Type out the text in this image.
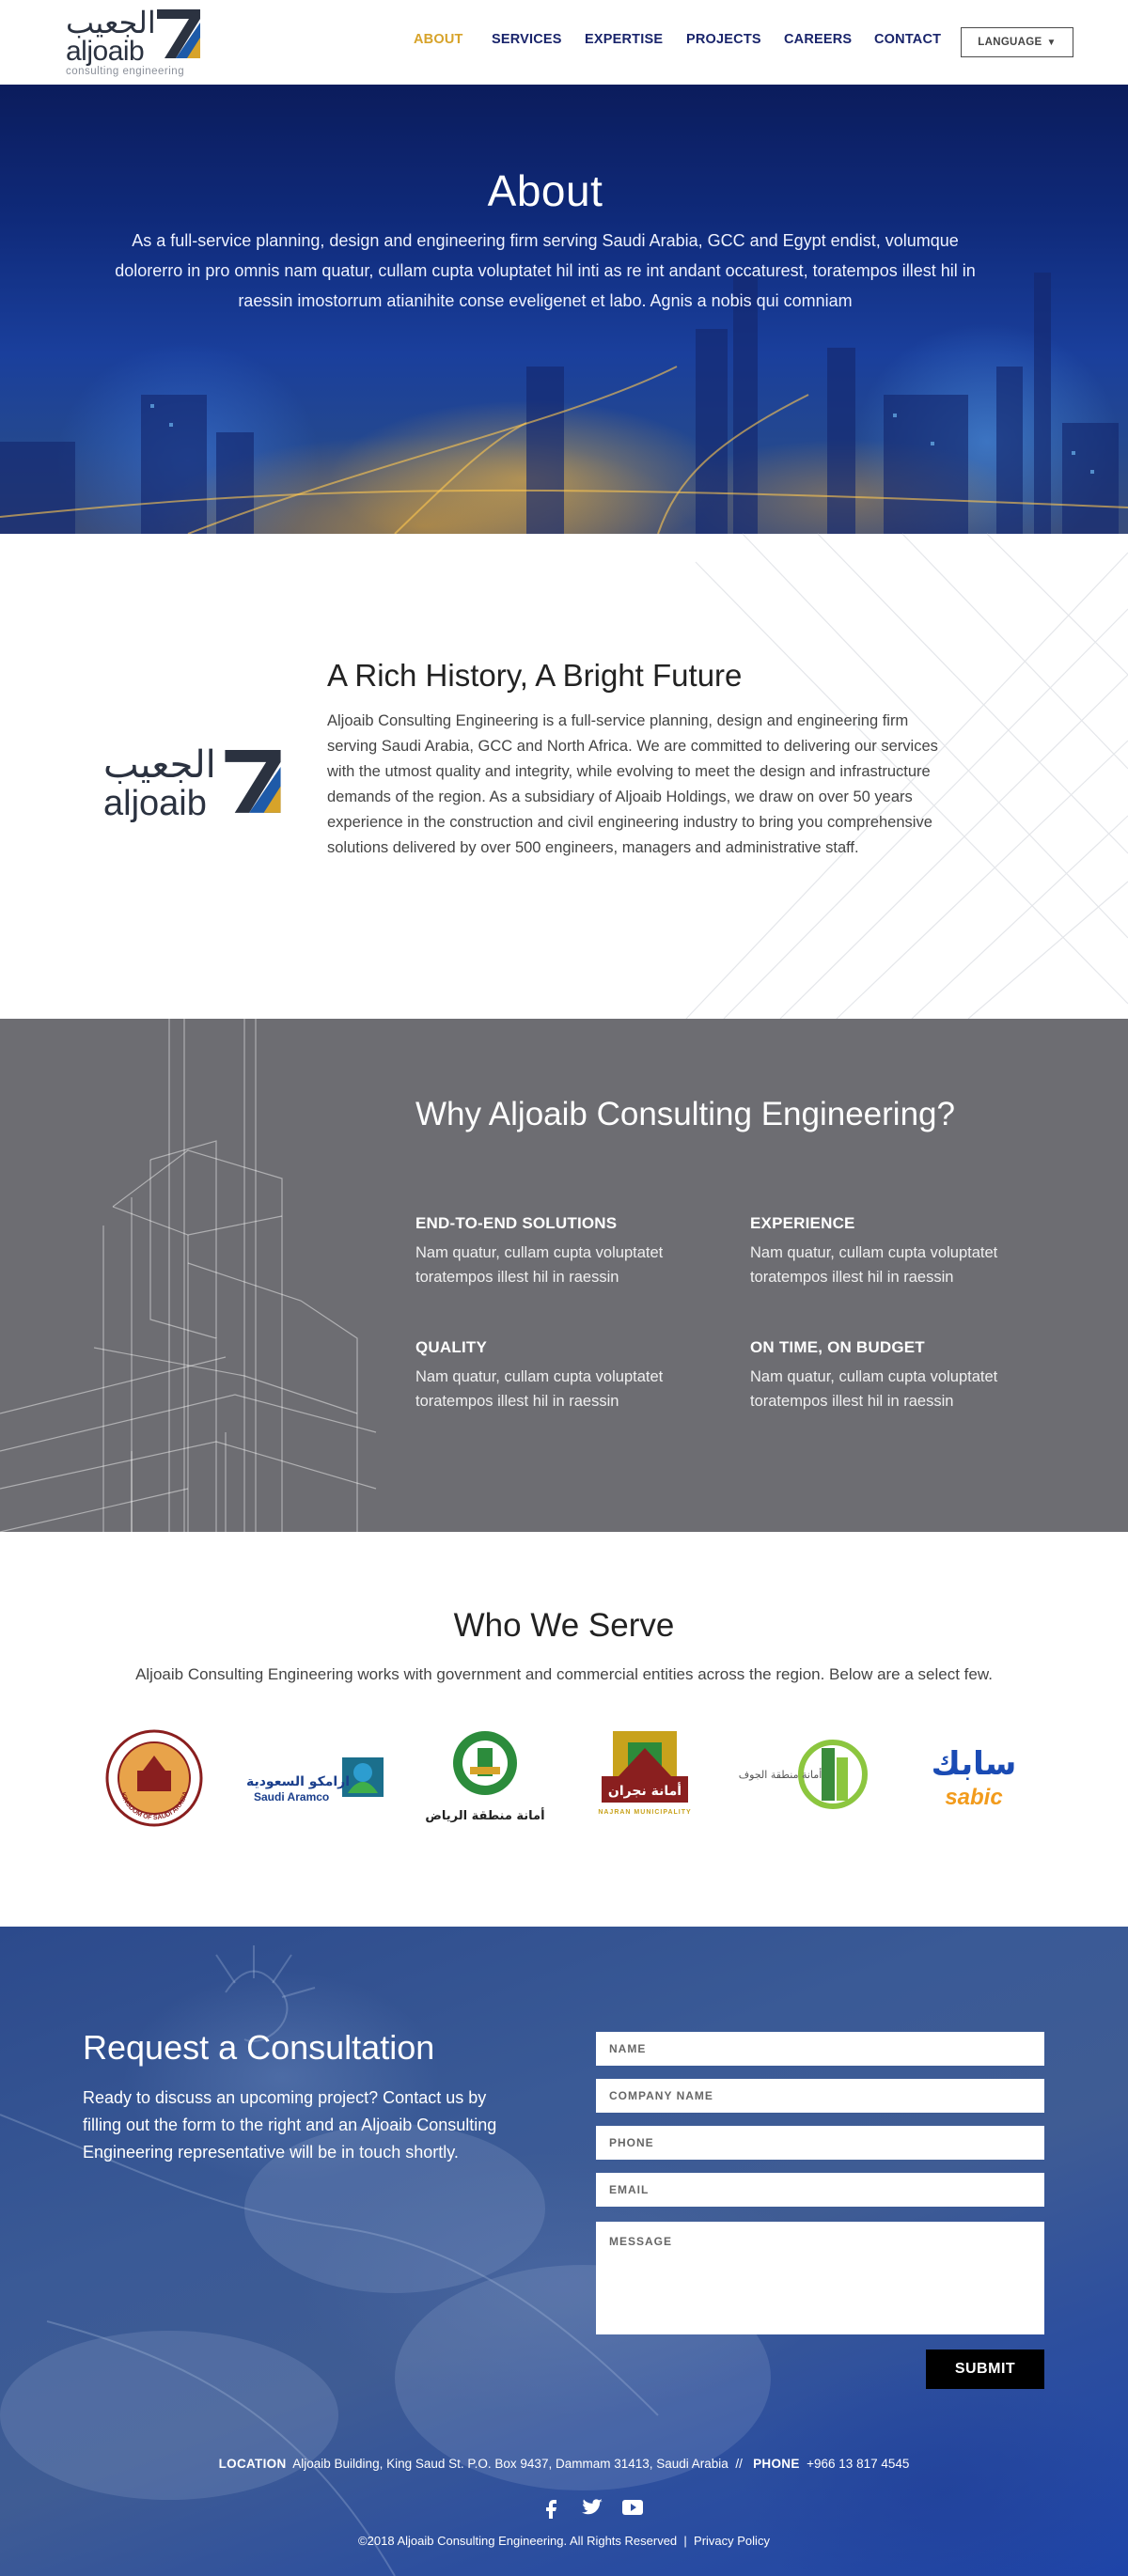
الجعيب
aljoaib
consulting engineering
ABOUT SERVICES EXPERTISE PROJECTS CAREERS CONTACT	LANGUAGE ▼
About

As a full-service planning, design and engineering firm serving Saudi Arabia, GCC and Egypt endist, volumque dolorerro in pro omnis nam quatur, cullam cupta voluptatet hil inti as re int andant occaturest, toratempos illest hil in raessin imostorrum atianihite conse eveligenet et labo. Agnis a nobis qui comniam

الجعيب
aljoaib
A Rich History, A Bright Future

Aljoaib Consulting Engineering is a full-service planning, design and engineering firm serving Saudi Arabia, GCC and North Africa. We are committed to delivering our services with the utmost quality and integrity, while evolving to meet the design and infrastructure demands of the region. As a subsidiary of Aljoaib Holdings, we draw on over 50 years experience in the construction and civil engineering industry to bring you comprehensive solutions delivered by over 500 engineers, managers and administrative staff.

Why Aljoaib Consulting Engineering?
END-TO-END SOLUTIONS

Nam quatur, cullam cupta voluptatet toratempos illest hil in raessin

EXPERIENCE

Nam quatur, cullam cupta voluptatet toratempos illest hil in raessin

QUALITY

Nam quatur, cullam cupta voluptatet toratempos illest hil in raessin

ON TIME, ON BUDGET

Nam quatur, cullam cupta voluptatet toratempos illest hil in raessin

Who We Serve

Aljoaib Consulting Engineering works with government and commercial entities across the region. Below are a select few.

KINGDOM OF SAUDI ARABIA
ارامكو السعودية
Saudi Aramco
أمانة منطقة الرياض
أمانة نجران
NAJRAN MUNICIPALITY
أمانة منطقة الجوف	سابك
sabic
Request a Consultation

Ready to discuss an upcoming project? Contact us by filling out the form to the right and an Aljoaib Consulting Engineering representative will be in touch shortly.

NAME
COMPANY NAME
PHONE
EMAIL
MESSAGE
SUBMIT

LOCATION Aljoaib Building, King Saud St. P.O. Box 9437, Dammam 31413, Saudi Arabia // PHONE +966 13 817 4545

©2018 Aljoaib Consulting Engineering. All Rights Reserved | Privacy Policy
